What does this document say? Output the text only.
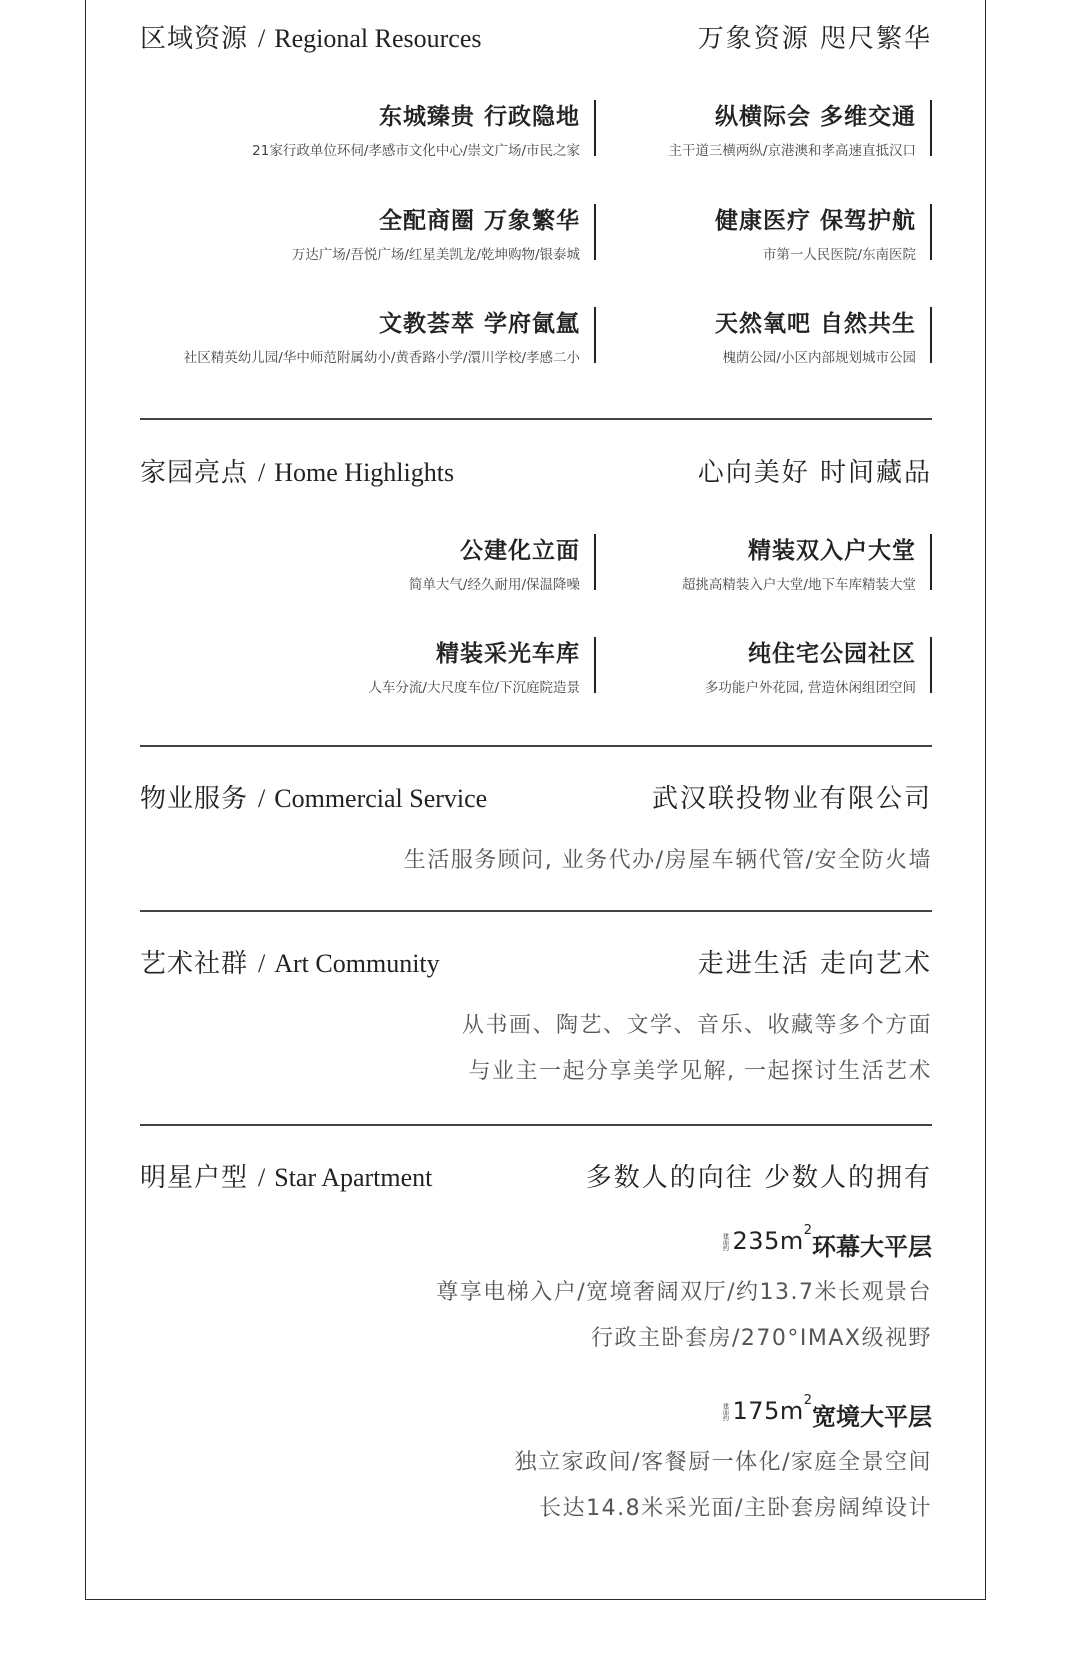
区域资源 / Regional Resources	万象资源 咫尺繁华
东城臻贵 行政隐地
21家行政单位环伺/孝感市文化中心/崇文广场/市民之家
纵横际会 多维交通
主干道三横两纵/京港澳和孝高速直抵汉口
全配商圈 万象繁华
万达广场/吾悦广场/红星美凯龙/乾坤购物/银泰城
健康医疗 保驾护航
市第一人民医院/东南医院
文教荟萃 学府氤氲
社区精英幼儿园/华中师范附属幼小/黄香路小学/澴川学校/孝感二小
天然氧吧 自然共生
槐荫公园/小区内部规划城市公园
家园亮点 / Home Highlights	心向美好 时间藏品
公建化立面
简单大气/经久耐用/保温降噪
精装双入户大堂
超挑高精装入户大堂/地下车库精装大堂
精装采光车库
人车分流/大尺度车位/下沉庭院造景
纯住宅公园社区
多功能户外花园, 营造休闲组团空间
物业服务 / Commercial Service	武汉联投物业有限公司
生活服务顾问, 业务代办/房屋车辆代管/安全防火墙
艺术社群 / Art Community	走进生活 走向艺术
从书画、陶艺、文学、音乐、收藏等多个方面
与业主一起分享美学见解, 一起探讨生活艺术
明星户型 / Star Apartment	多数人的向往 少数人的拥有
建面约 $235m^2$
环幕大平层
尊享电梯入户/宽境奢阔双厅/约13.7米长观景台
行政主卧套房/270°IMAX级视野
建面约 $175m^2$
宽境大平层
独立家政间/客餐厨一体化/家庭全景空间
长达14.8米采光面/主卧套房阔绰设计
